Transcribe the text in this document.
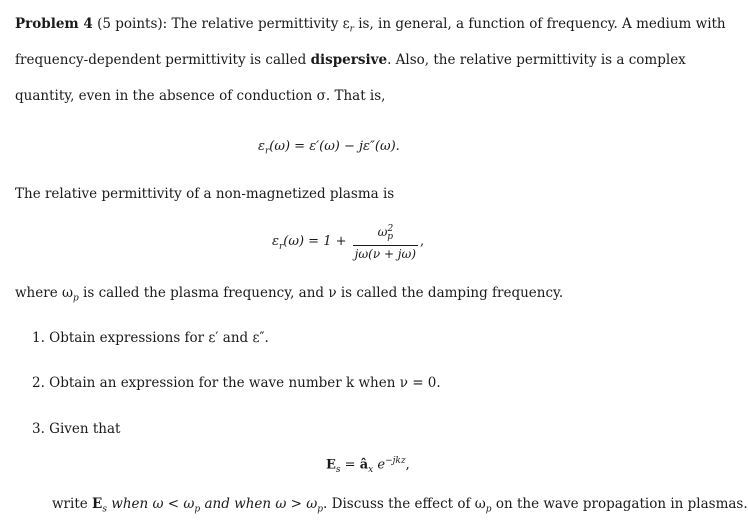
Problem 4 (5 points): The relative permittivity $\varepsilon_r$ is, in general, a function of frequency. A medium with
frequency-dependent permittivity is called dispersive. Also, the relative permittivity is a complex
quantity, even in the absence of conduction σ. That is,
$\varepsilon_r(\omega) = \varepsilon'(\omega) - j\varepsilon''(\omega)$.
The relative permittivity of a non-magnetized plasma is
$\varepsilon_r(\omega) = 1 + \frac{\omega^2_p}{j\omega(\nu + j\omega)}$ ,
where $\omega_p$ is called the plasma frequency, and ν is called the damping frequency.
1. Obtain expressions for ε′ and ε″.
2. Obtain an expression for the wave number k when ν = 0.
3. Given that
$E_s$ = $â_x$ $e^{-jkz}$,
write $E_s$ when $\omega < \omega_p$ and when $\omega > \omega_p$. Discuss the effect of $\omega_p$ on the wave propagation in plasmas.
